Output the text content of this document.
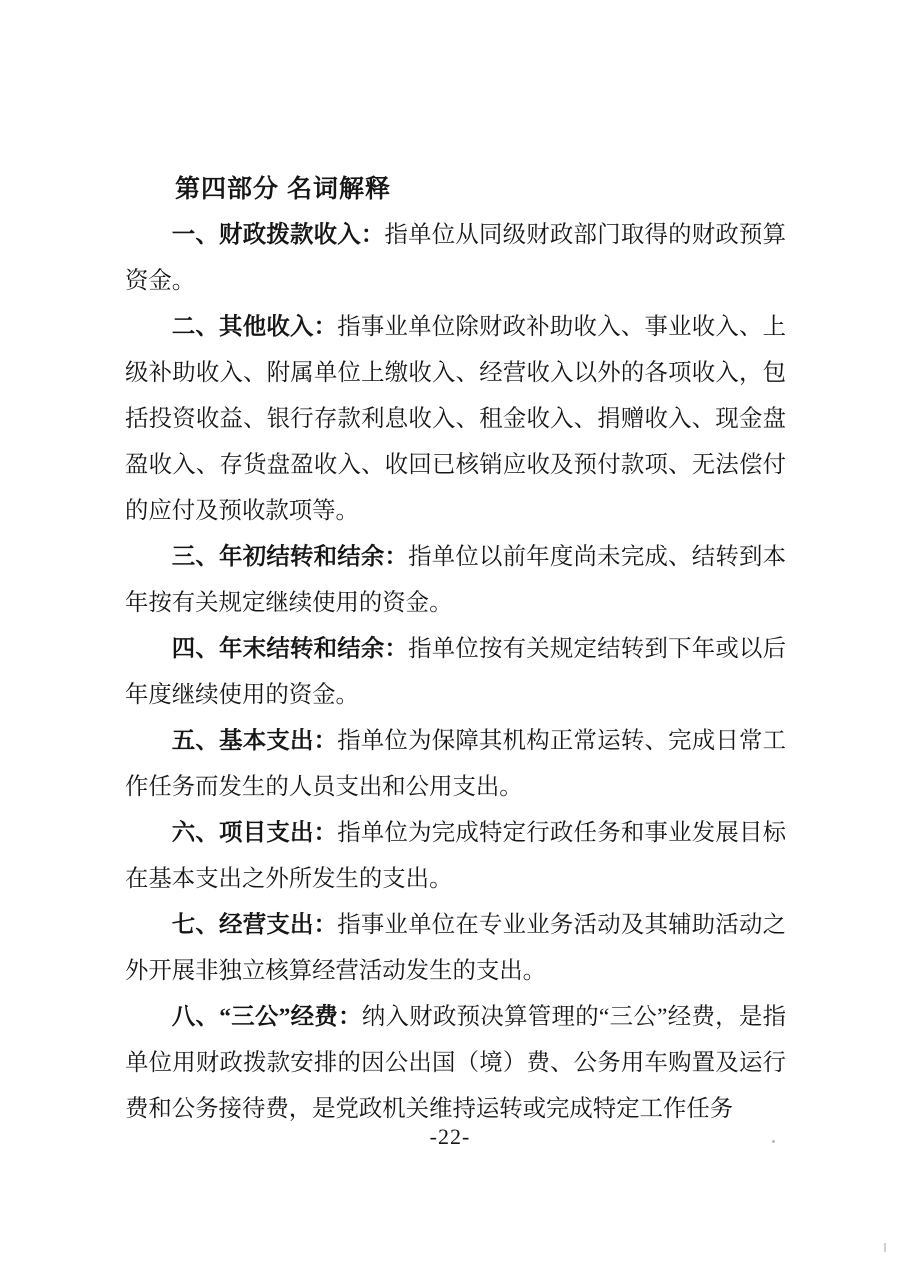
第四部分 名词解释

一、财政拨款收入：指单位从同级财政部门取得的财政预算资金。

二、其他收入：指事业单位除财政补助收入、事业收入、上级补助收入、附属单位上缴收入、经营收入以外的各项收入，包括投资收益、银行存款利息收入、租金收入、捐赠收入、现金盘盈收入、存货盘盈收入、收回已核销应收及预付款项、无法偿付的应付及预收款项等。

三、年初结转和结余：指单位以前年度尚未完成、结转到本年按有关规定继续使用的资金。

四、年末结转和结余：指单位按有关规定结转到下年或以后年度继续使用的资金。

五、基本支出：指单位为保障其机构正常运转、完成日常工作任务而发生的人员支出和公用支出。

六、项目支出：指单位为完成特定行政任务和事业发展目标在基本支出之外所发生的支出。

七、经营支出：指事业单位在专业业务活动及其辅助活动之外开展非独立核算经营活动发生的支出。

八、“三公”经费：纳入财政预决算管理的“三公”经费，是指单位用财政拨款安排的因公出国（境）费、公务用车购置及运行费和公务接待费，是党政机关维持运转或完成特定工作任务

-22-
